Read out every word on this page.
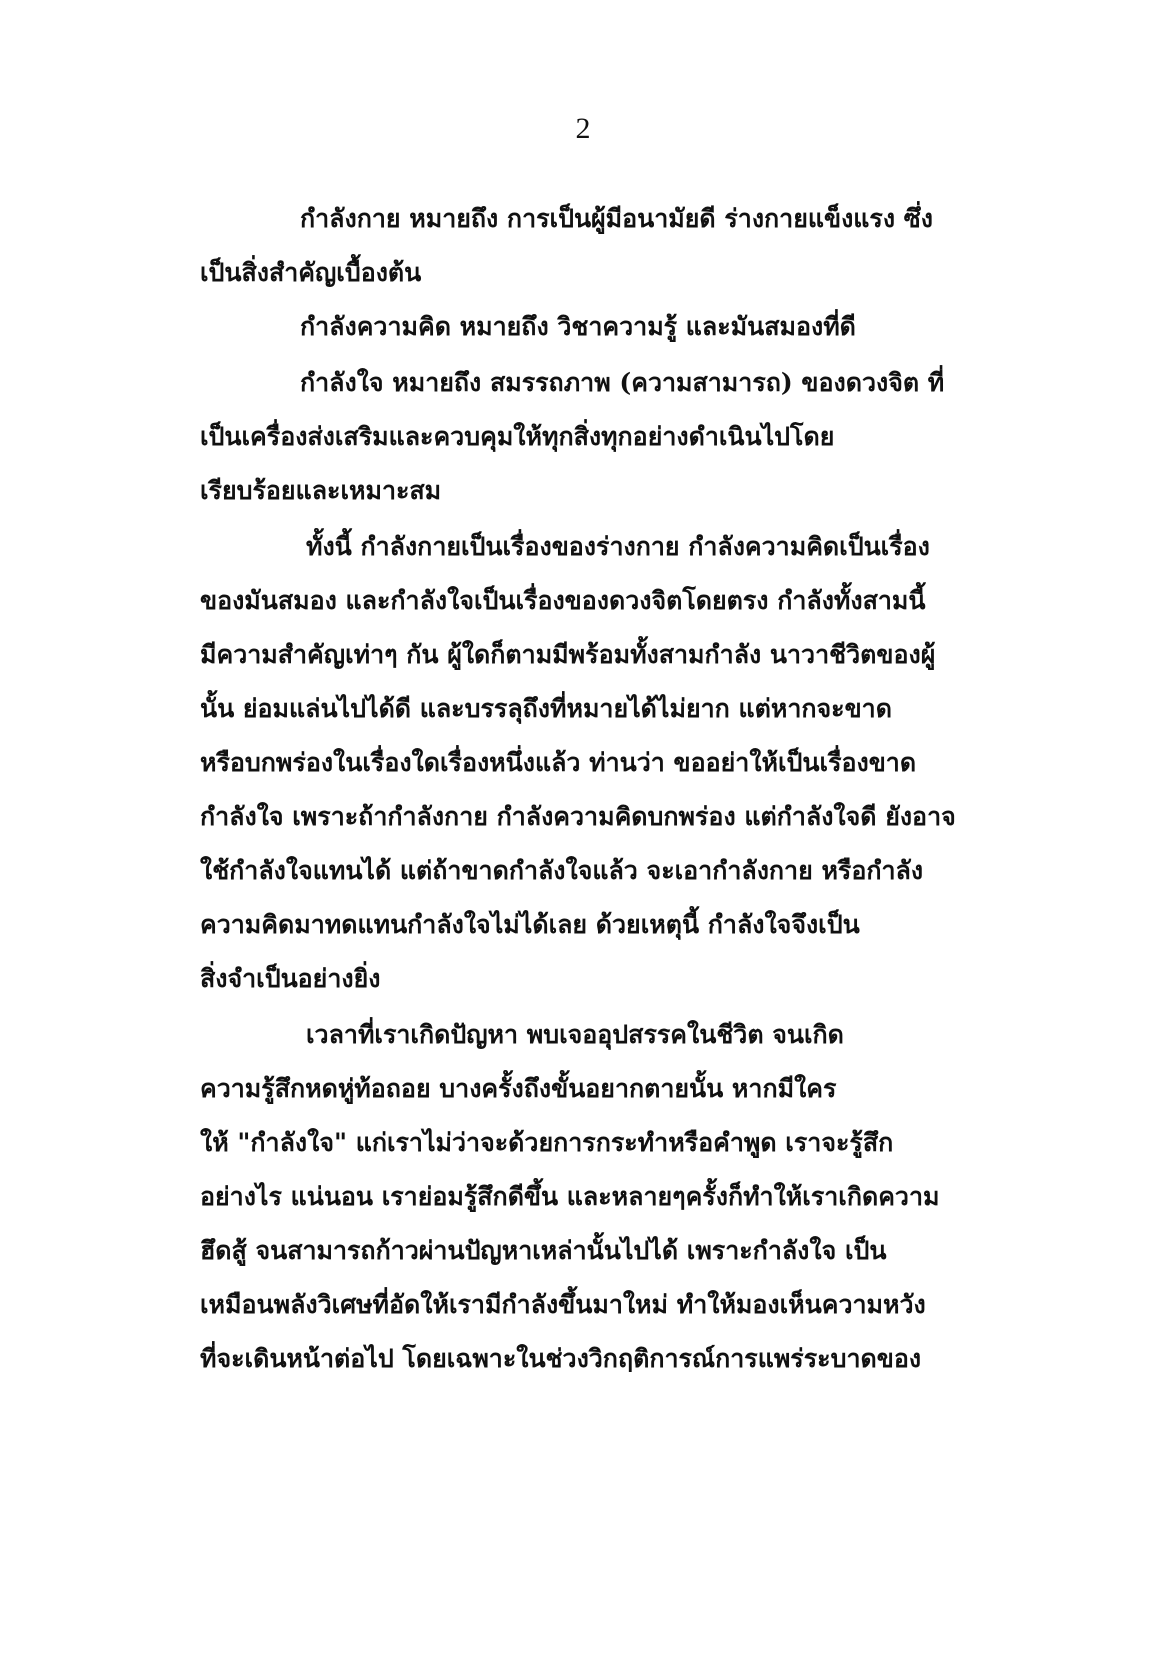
2
กำลังกาย หมายถึง การเป็นผู้มีอนามัยดี ร่างกายแข็งแรง ซึ่ง
เป็นสิ่งสำคัญเบื้องต้น
กำลังความคิด หมายถึง วิชาความรู้ และมันสมองที่ดี
กำลังใจ หมายถึง สมรรถภาพ (ความสามารถ) ของดวงจิต ที่
เป็นเครื่องส่งเสริมและควบคุมให้ทุกสิ่งทุกอย่างดำเนินไปโดย
เรียบร้อยและเหมาะสม
ทั้งนี้ กำลังกายเป็นเรื่องของร่างกาย กำลังความคิดเป็นเรื่อง
ของมันสมอง และกำลังใจเป็นเรื่องของดวงจิตโดยตรง กำลังทั้งสามนี้
มีความสำคัญเท่าๆ กัน ผู้ใดก็ตามมีพร้อมทั้งสามกำลัง นาวาชีวิตของผู้
นั้น ย่อมแล่นไปได้ดี และบรรลุถึงที่หมายได้ไม่ยาก แต่หากจะขาด
หรือบกพร่องในเรื่องใดเรื่องหนึ่งแล้ว ท่านว่า ขออย่าให้เป็นเรื่องขาด
กำลังใจ เพราะถ้ากำลังกาย กำลังความคิดบกพร่อง แต่กำลังใจดี ยังอาจ
ใช้กำลังใจแทนได้ แต่ถ้าขาดกำลังใจแล้ว จะเอากำลังกาย หรือกำลัง
ความคิดมาทดแทนกำลังใจไม่ได้เลย ด้วยเหตุนี้ กำลังใจจึงเป็น
สิ่งจำเป็นอย่างยิ่ง
เวลาที่เราเกิดปัญหา พบเจออุปสรรคในชีวิต จนเกิด
ความรู้สึกหดหู่ท้อถอย บางครั้งถึงขั้นอยากตายนั้น หากมีใคร
ให้ "กำลังใจ" แก่เราไม่ว่าจะด้วยการกระทำหรือคำพูด เราจะรู้สึก
อย่างไร แน่นอน เราย่อมรู้สึกดีขึ้น และหลายๆครั้งก็ทำให้เราเกิดความ
ฮึดสู้ จนสามารถก้าวผ่านปัญหาเหล่านั้นไปได้ เพราะกำลังใจ เป็น
เหมือนพลังวิเศษที่อัดให้เรามีกำลังขึ้นมาใหม่ ทำให้มองเห็นความหวัง
ที่จะเดินหน้าต่อไป โดยเฉพาะในช่วงวิกฤติการณ์การแพร่ระบาดของ
